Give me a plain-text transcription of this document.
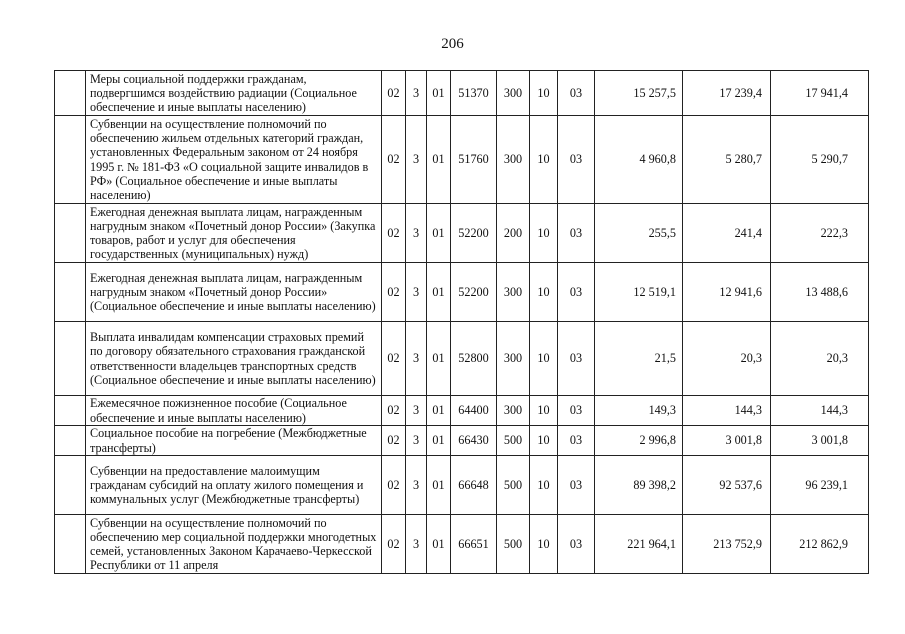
206
	Меры социальной поддержки гражданам, подвергшимся воздействию радиации (Социальное обеспечение и иные выплаты населению)	02	3	01	51370	300	10	03	15 257,5	17 239,4	17 941,4
	Субвенции на осуществление полномочий по обеспечению жильем отдельных категорий граждан, установленных Федеральным законом от 24 ноября 1995 г. № 181-ФЗ «О социальной защите инвалидов в РФ» (Социальное обеспечение и иные выплаты населению)	02	3	01	51760	300	10	03	4 960,8	5 280,7	5 290,7
	Ежегодная денежная выплата лицам, награжденным нагрудным знаком «Почетный донор России» (Закупка товаров, работ и услуг для обеспечения государственных (муниципальных) нужд)	02	3	01	52200	200	10	03	255,5	241,4	222,3
	Ежегодная денежная выплата лицам, награжденным нагрудным знаком «Почетный донор России» (Социальное обеспечение и иные выплаты населению)	02	3	01	52200	300	10	03	12 519,1	12 941,6	13 488,6
	Выплата инвалидам компенсации страховых премий по договору обязательного страхования гражданской ответственности владельцев транспортных средств (Социальное обеспечение и иные выплаты населению)	02	3	01	52800	300	10	03	21,5	20,3	20,3
	Ежемесячное пожизненное пособие (Социальное обеспечение и иные выплаты населению)	02	3	01	64400	300	10	03	149,3	144,3	144,3
	Социальное пособие на погребение (Межбюджетные трансферты)	02	3	01	66430	500	10	03	2 996,8	3 001,8	3 001,8
	Субвенции на предоставление малоимущим гражданам субсидий на оплату жилого помещения и коммунальных услуг (Межбюджетные трансферты)	02	3	01	66648	500	10	03	89 398,2	92 537,6	96 239,1
	Субвенции на осуществление полномочий по обеспечению мер социальной поддержки многодетных семей, установленных Законом Карачаево-Черкесской Республики от 11 апреля	02	3	01	66651	500	10	03	221 964,1	213 752,9	212 862,9
